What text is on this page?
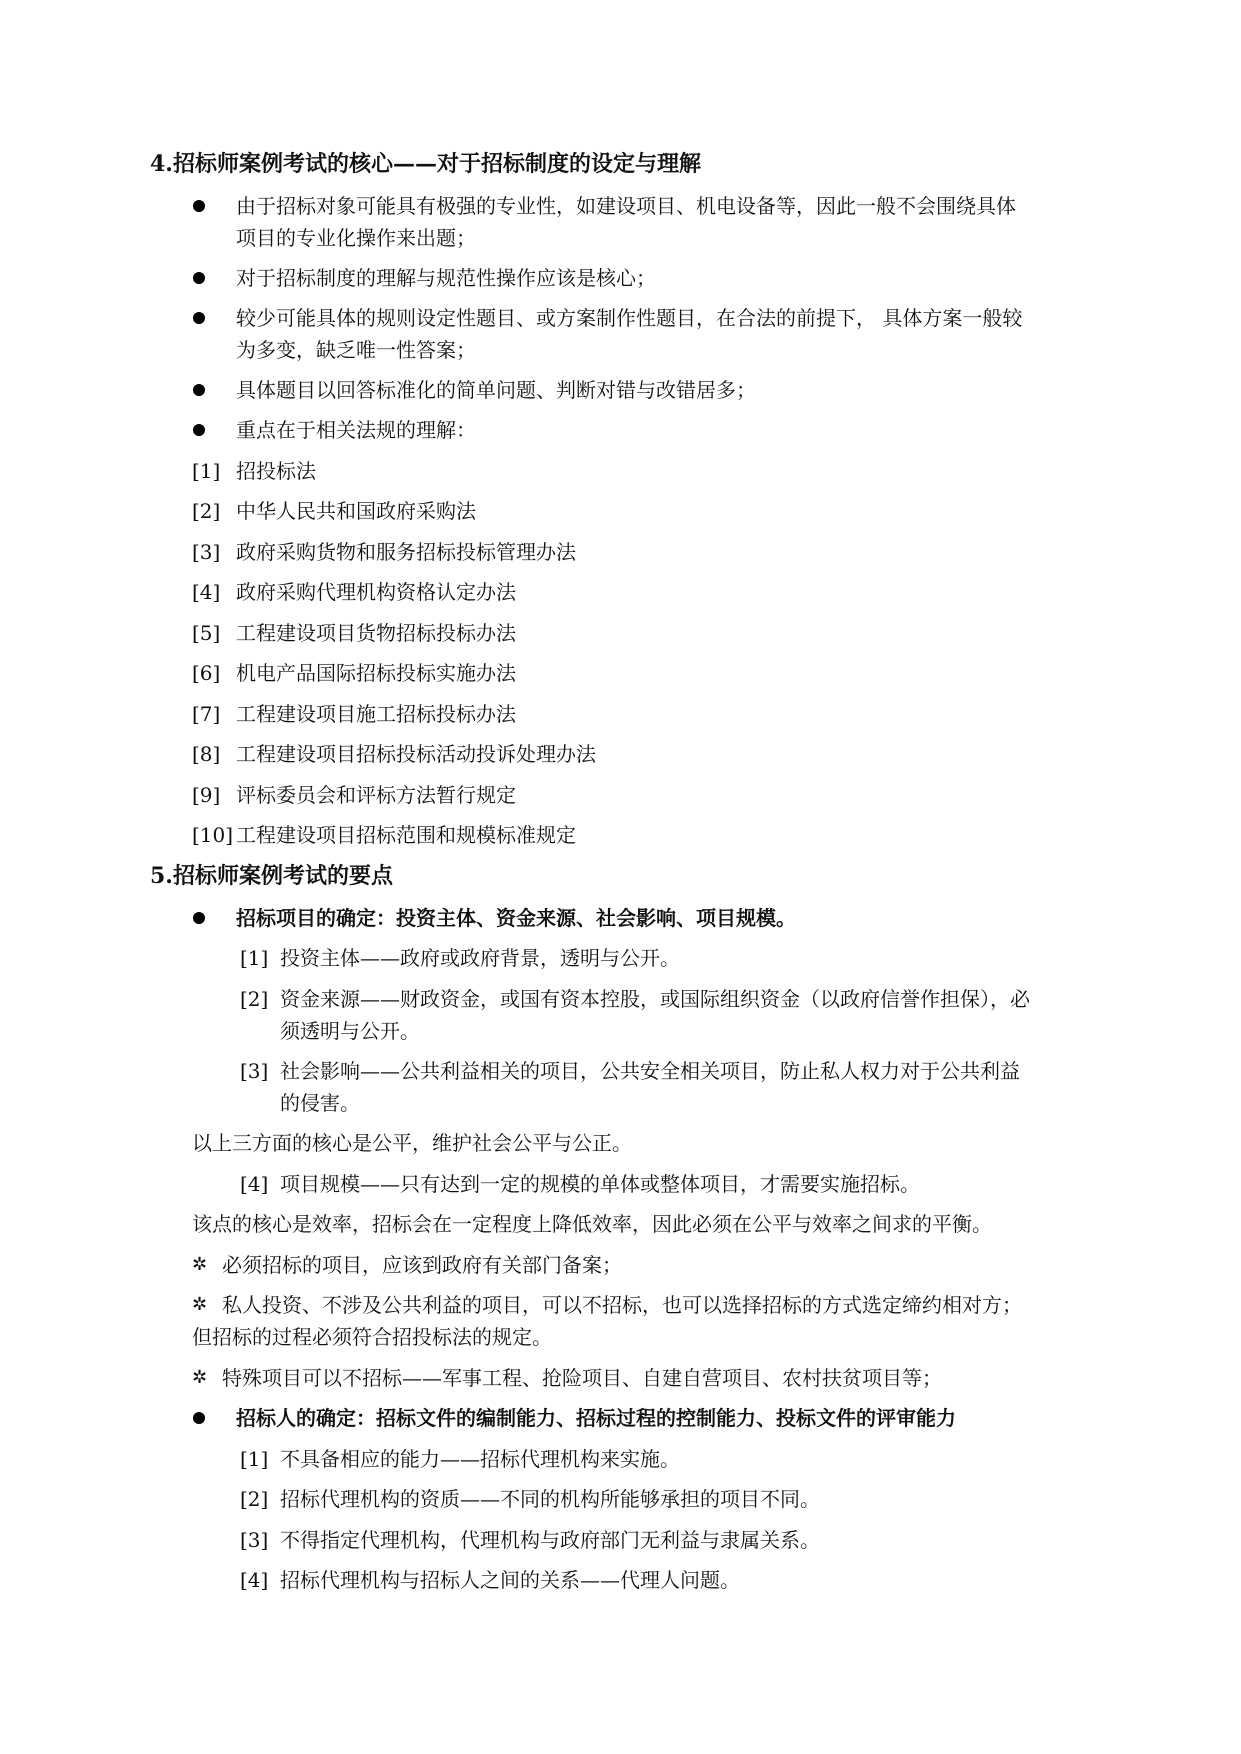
4.招标师案例考试的核心——对于招标制度的设定与理解
由于招标对象可能具有极强的专业性，如建设项目、机电设备等，因此一般不会围绕具体
项目的专业化操作来出题；
对于招标制度的理解与规范性操作应该是核心；
较少可能具体的规则设定性题目、或方案制作性题目，在合法的前提下， 具体方案一般较
为多变，缺乏唯一性答案；
具体题目以回答标准化的简单问题、判断对错与改错居多；
重点在于相关法规的理解：
[1] 招投标法
[2] 中华人民共和国政府采购法
[3] 政府采购货物和服务招标投标管理办法
[4] 政府采购代理机构资格认定办法
[5] 工程建设项目货物招标投标办法
[6] 机电产品国际招标投标实施办法
[7] 工程建设项目施工招标投标办法
[8] 工程建设项目招标投标活动投诉处理办法
[9] 评标委员会和评标方法暂行规定
[10] 工程建设项目招标范围和规模标准规定
5.招标师案例考试的要点
招标项目的确定：投资主体、资金来源、社会影响、项目规模。
[1] 投资主体——政府或政府背景，透明与公开。
[2] 资金来源——财政资金，或国有资本控股，或国际组织资金（以政府信誉作担保），必
须透明与公开。
[3] 社会影响——公共利益相关的项目，公共安全相关项目，防止私人权力对于公共利益
的侵害。
以上三方面的核心是公平，维护社会公平与公正。
[4] 项目规模——只有达到一定的规模的单体或整体项目，才需要实施招标。
该点的核心是效率，招标会在一定程度上降低效率，因此必须在公平与效率之间求的平衡。
✲ 必须招标的项目，应该到政府有关部门备案；
✲ 私人投资、不涉及公共利益的项目，可以不招标，也可以选择招标的方式选定缔约相对方；
但招标的过程必须符合招投标法的规定。
✲ 特殊项目可以不招标——军事工程、抢险项目、自建自营项目、农村扶贫项目等；
招标人的确定：招标文件的编制能力、招标过程的控制能力、投标文件的评审能力
[1] 不具备相应的能力——招标代理机构来实施。
[2] 招标代理机构的资质——不同的机构所能够承担的项目不同。
[3] 不得指定代理机构，代理机构与政府部门无利益与隶属关系。
[4] 招标代理机构与招标人之间的关系——代理人问题。
